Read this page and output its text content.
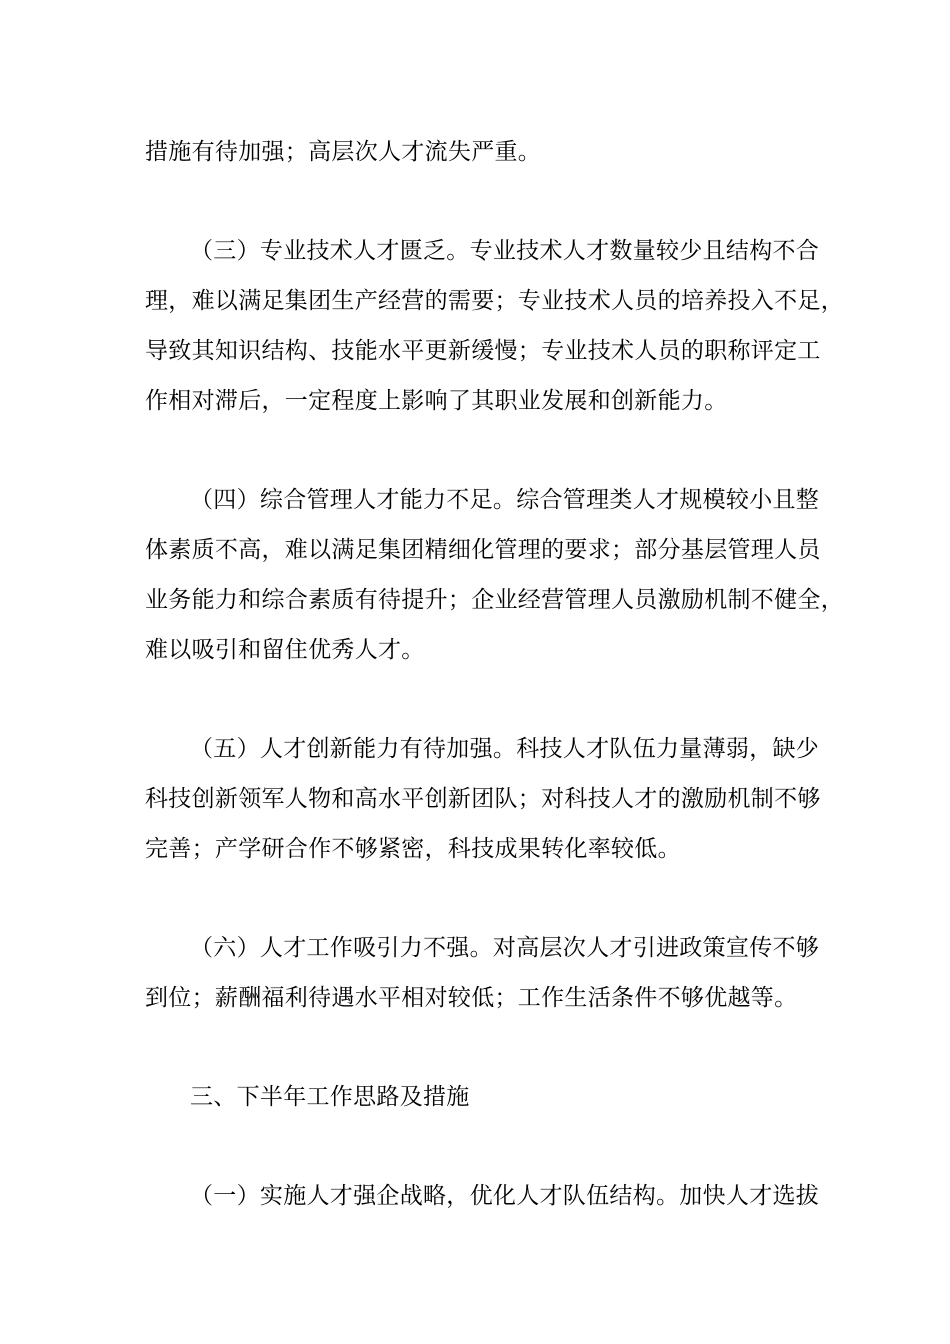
措施有待加强；高层次人才流失严重。
（三）专业技术人才匮乏。专业技术人才数量较少且结构不合
理，难以满足集团生产经营的需要；专业技术人员的培养投入不足，
导致其知识结构、技能水平更新缓慢；专业技术人员的职称评定工
作相对滞后，一定程度上影响了其职业发展和创新能力。
（四）综合管理人才能力不足。综合管理类人才规模较小且整
体素质不高，难以满足集团精细化管理的要求；部分基层管理人员
业务能力和综合素质有待提升；企业经营管理人员激励机制不健全，
难以吸引和留住优秀人才。
（五）人才创新能力有待加强。科技人才队伍力量薄弱，缺少
科技创新领军人物和高水平创新团队；对科技人才的激励机制不够
完善；产学研合作不够紧密，科技成果转化率较低。
（六）人才工作吸引力不强。对高层次人才引进政策宣传不够
到位；薪酬福利待遇水平相对较低；工作生活条件不够优越等。
三、下半年工作思路及措施
（一）实施人才强企战略，优化人才队伍结构。加快人才选拔
